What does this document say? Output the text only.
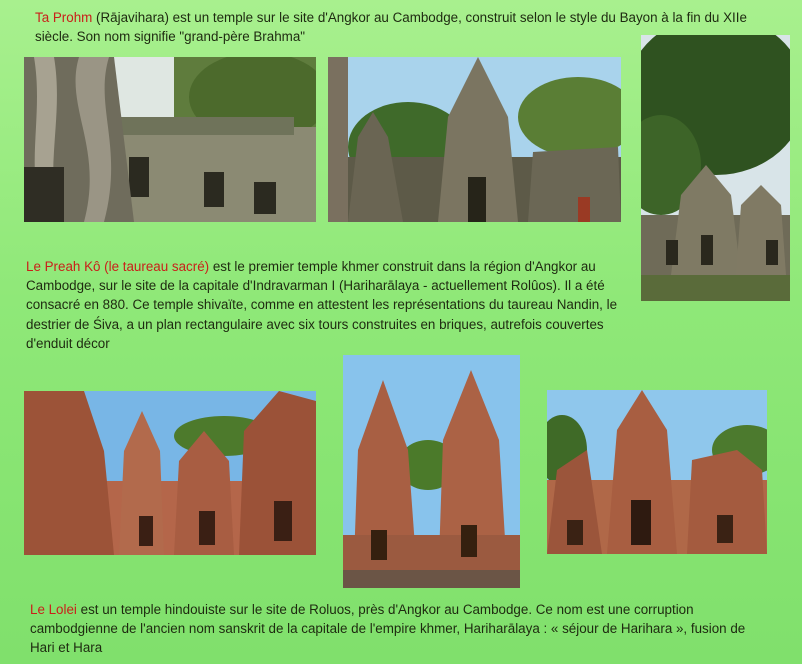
Ta Prohm (Rājavihara) est un temple sur le site d'Angkor au Cambodge, construit selon le style du Bayon à la fin du XIIe siècle. Son nom signifie "grand-père Brahma"

Le Preah Kô (le taureau sacré) est le premier temple khmer construit dans la région d'Angkor au Cambodge, sur le site de la capitale d'Indravarman I (Hariharālaya - actuellement Rolûos). Il a été consacré en 880. Ce temple shivaïte, comme en attestent les représentations du taureau Nandin, le destrier de Śiva, a un plan rectangulaire avec six tours construites en briques, autrefois couvertes d'enduit décor

Le Lolei est un temple hindouiste sur le site de Roluos, près d'Angkor au Cambodge. Ce nom est une corruption cambodgienne de l'ancien nom sanskrit de la capitale de l'empire khmer, Hariharālaya : « séjour de Harihara », fusion de Hari et Hara
